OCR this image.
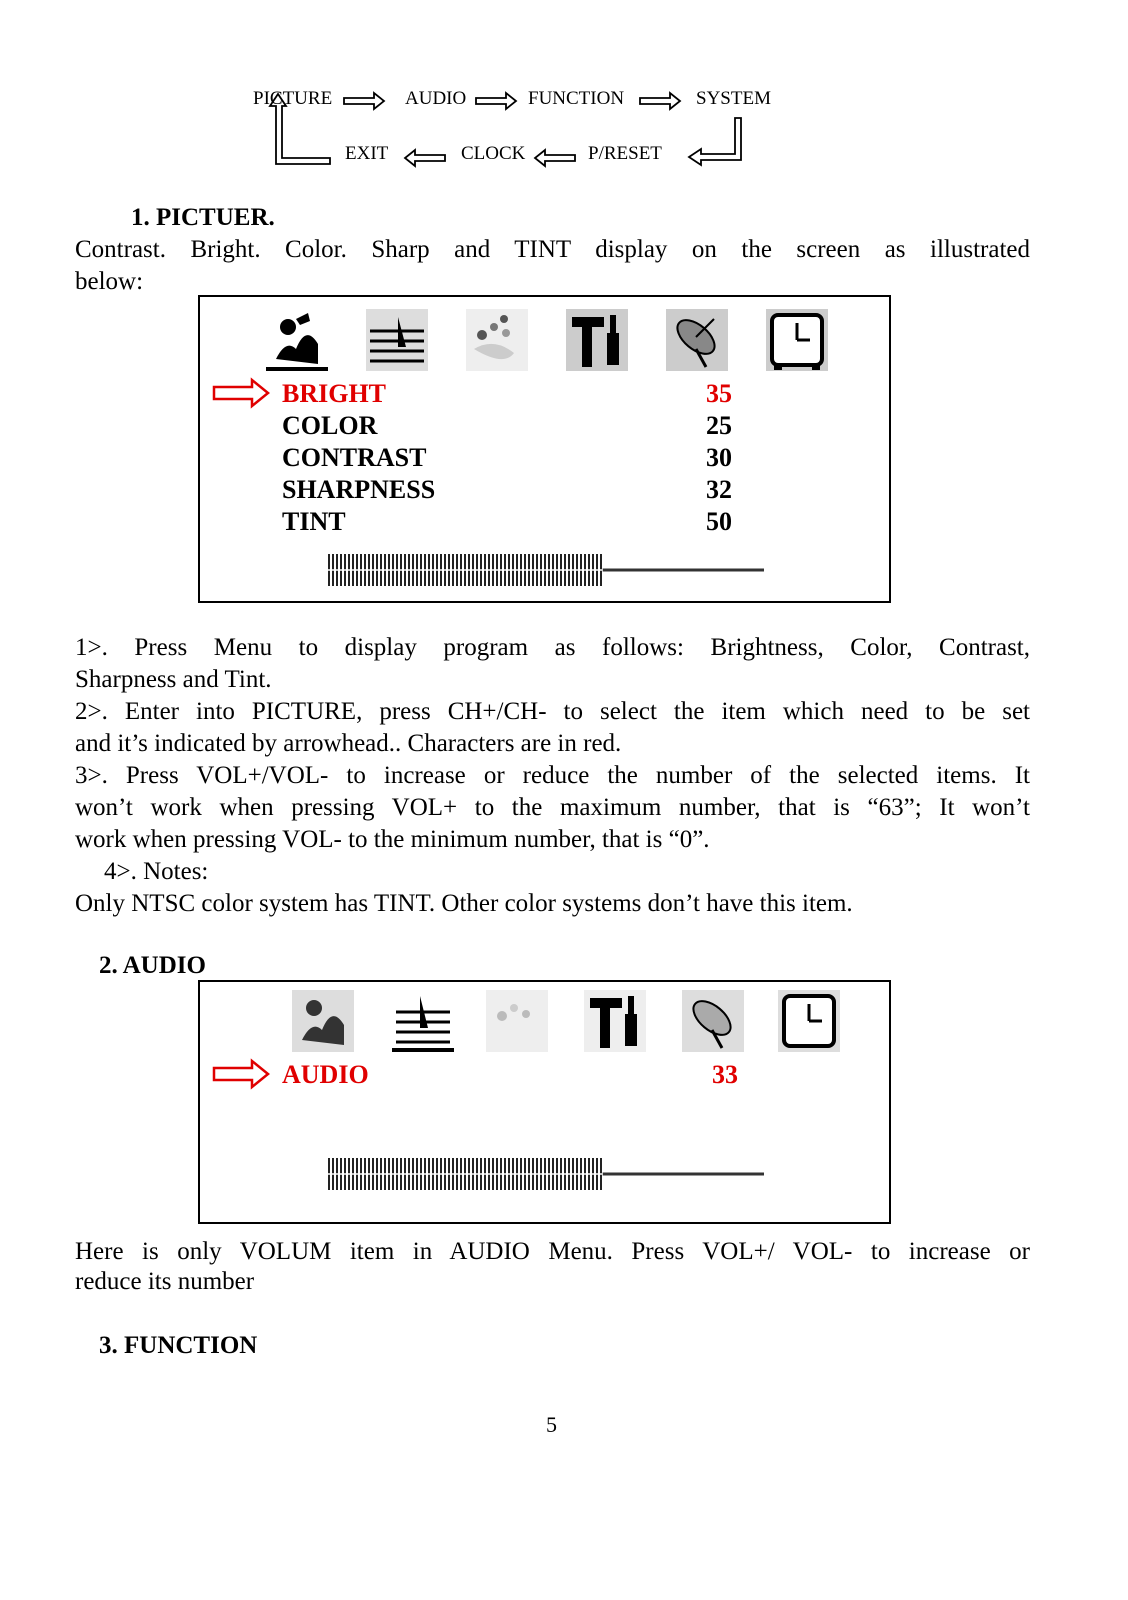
PICTURE	AUDIO	FUNCTION	SYSTEM
EXIT	CLOCK	P/RESET
1. PICTUER.
Contrast. Bright. Color. Sharp and TINT display on the screen as illustrated
below:
BRIGHT	35
COLOR	25
CONTRAST	30
SHARPNESS	32
TINT	50
1>. Press Menu to display program as follows: Brightness, Color, Contrast,
Sharpness and Tint.
2>. Enter into PICTURE, press CH+/CH- to select the item which need to be set
and it’s indicated by arrowhead.. Characters are in red.
3>. Press VOL+/VOL- to increase or reduce the number of the selected items. It
won’t work when pressing VOL+ to the maximum number, that is “63”; It won’t
work when pressing VOL- to the minimum number, that is “0”.
4>. Notes:
Only NTSC color system has TINT. Other color systems don’t have this item.
2. AUDIO
AUDIO	33
Here is only VOLUM item in AUDIO Menu. Press VOL+/ VOL- to increase or
reduce its number
3. FUNCTION
5
